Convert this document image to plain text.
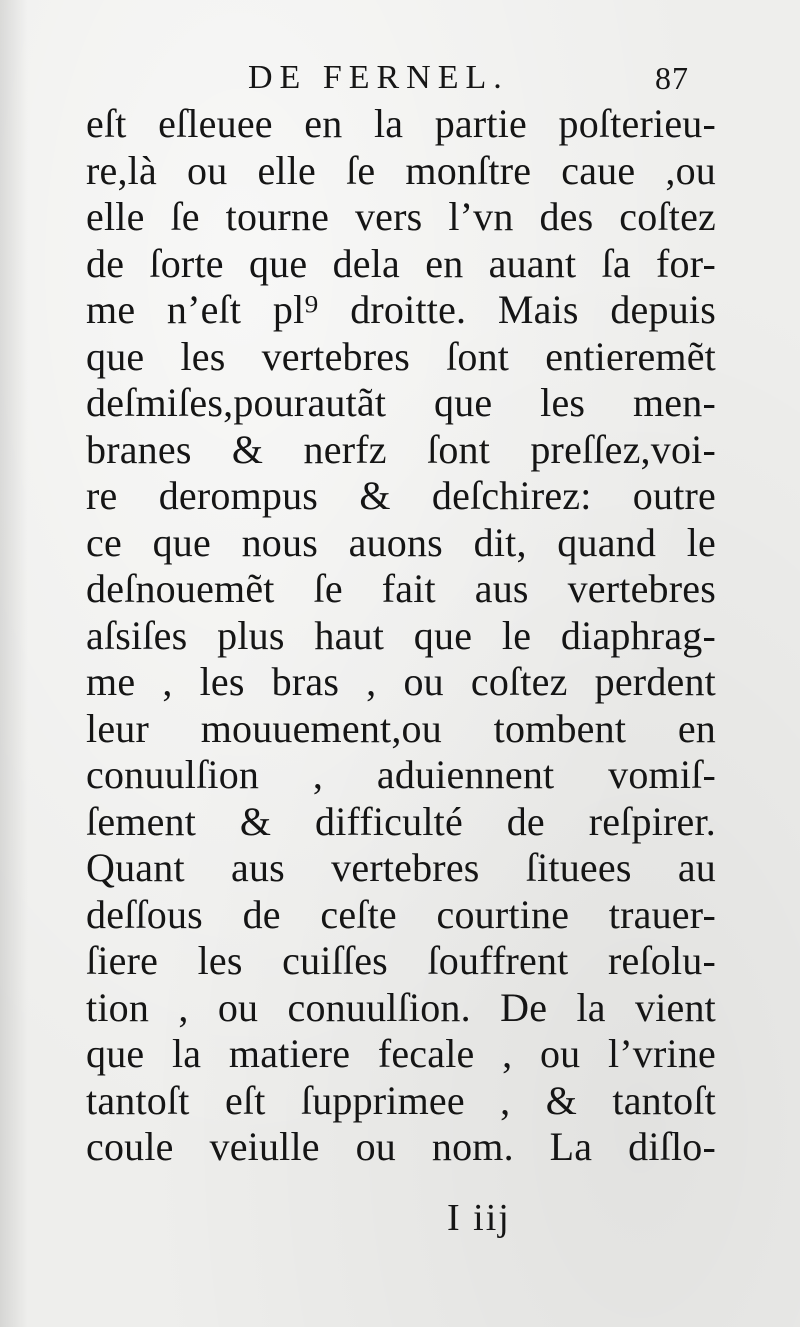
DE FERNEL.	87
eſt eſleuee en la partie poſterieu-
re,là ou elle ſe monſtre caue ,ou
elle ſe tourne vers l’vn des coſtez
de ſorte que dela en auant ſa for-
me n’eſt pl⁹ droitte. Mais depuis
que les vertebres ſont entieremẽt
deſmiſes,pourautãt que les men-
branes & nerfz ſont preſſez,voi-
re derompus & deſchirez: outre
ce que nous auons dit, quand le
deſnouemẽt ſe fait aus vertebres
aſsiſes plus haut que le diaphrag-
me , les bras , ou coſtez perdent
leur mouuement,ou tombent en
conuulſion , aduiennent vomiſ-
ſement & difficulté de reſpirer.
Quant aus vertebres ſituees au
deſſous de ceſte courtine trauer-
ſiere les cuiſſes ſouffrent reſolu-
tion , ou conuulſion. De la vient
que la matiere fecale , ou l’vrine
tantoſt eſt ſupprimee , & tantoſt
coule veiulle ou nom. La diſlo-
I iij
